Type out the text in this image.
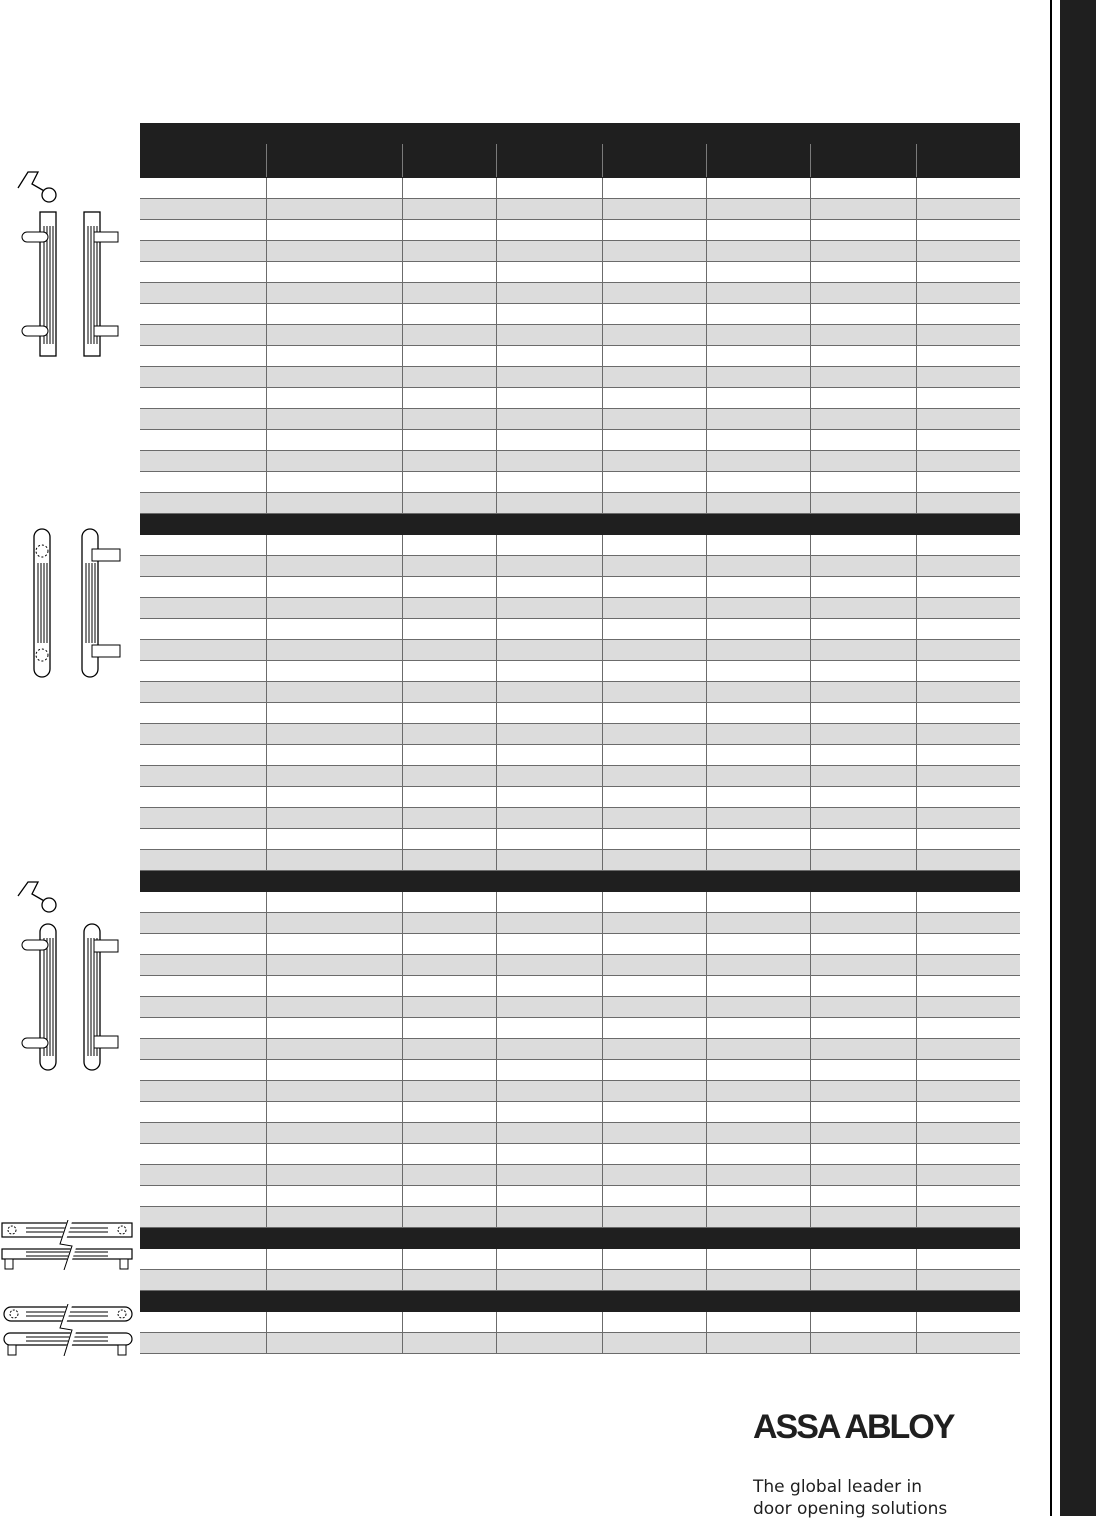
ASSA ABLOY
The global leader in
door opening solutions
